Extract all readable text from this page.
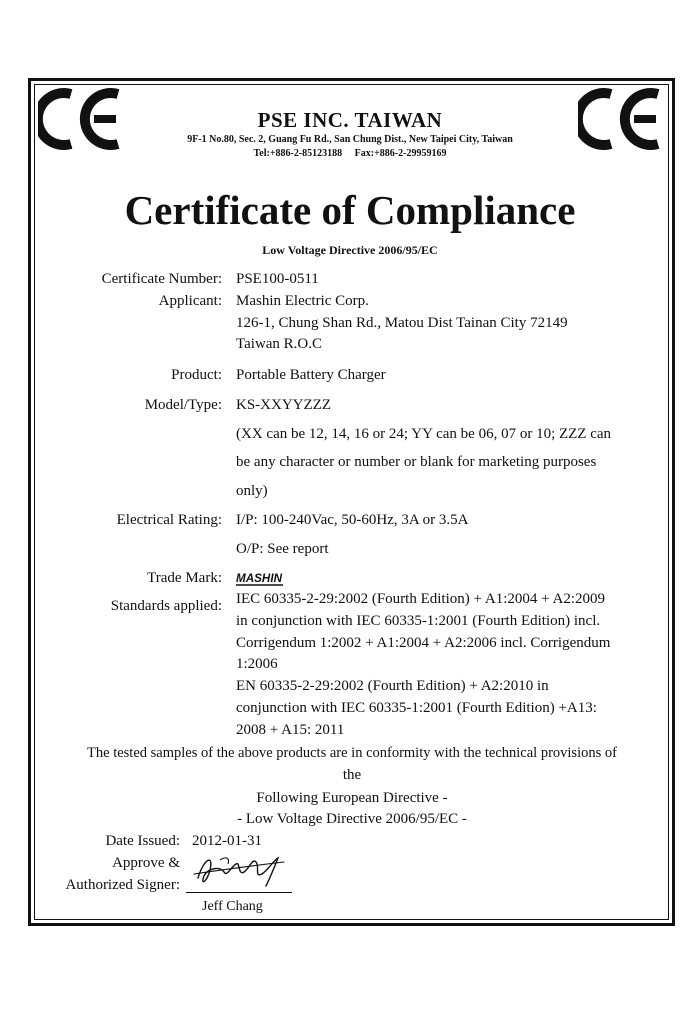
PSE INC. TAIWAN
9F-1 No.80, Sec. 2, Guang Fu Rd., San Chung Dist., New Taipei City, Taiwan
Tel:+886-2-85123188     Fax:+886-2-29959169
Certificate of Compliance
Low Voltage Directive 2006/95/EC
Certificate Number: PSE100-0511
Applicant: Mashin Electric Corp.
126-1, Chung Shan Rd., Matou Dist Tainan City 72149
Taiwan R.O.C
Product: Portable Battery Charger
Model/Type: KS-XXYYZZZ
(XX can be 12, 14, 16 or 24; YY can be 06, 07 or 10; ZZZ can
be any character or number or blank for marketing purposes
only)
Electrical Rating: I/P: 100-240Vac, 50-60Hz, 3A or 3.5A
O/P: See report
Trade Mark: MASHIN
Standards applied: IEC 60335-2-29:2002 (Fourth Edition) + A1:2004 + A2:2009
in conjunction with IEC 60335-1:2001 (Fourth Edition) incl.
Corrigendum 1:2002 + A1:2004 + A2:2006 incl. Corrigendum
1:2006
EN 60335-2-29:2002 (Fourth Edition) + A2:2010 in
conjunction with IEC 60335-1:2001 (Fourth Edition) +A13:
2008 + A15: 2011
The tested samples of the above products are in conformity with the technical provisions of
the
Following European Directive -
- Low Voltage Directive 2006/95/EC -
Date Issued: 2012-01-31
Approve &
Authorized Signer:
Jeff Chang
